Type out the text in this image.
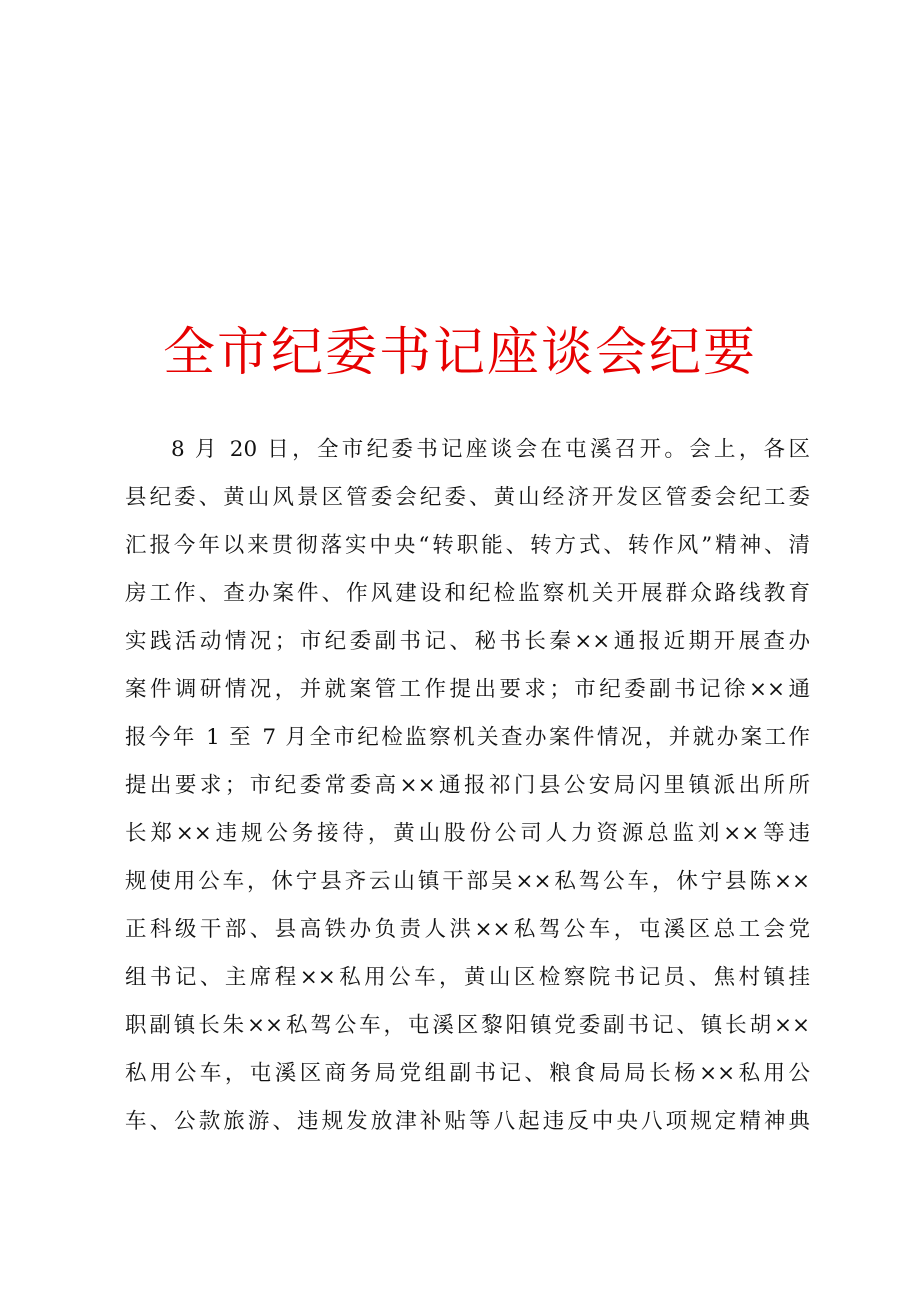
全市纪委书记座谈会纪要
8 月 20 日，全市纪委书记座谈会在屯溪召开。会上，各区
县纪委、黄山风景区管委会纪委、黄山经济开发区管委会纪工委
汇报今年以来贯彻落实中央“转职能、转方式、转作风”精神、清
房工作、查办案件、作风建设和纪检监察机关开展群众路线教育
实践活动情况；市纪委副书记、秘书长秦××通报近期开展查办
案件调研情况，并就案管工作提出要求；市纪委副书记徐××通
报今年 1 至 7 月全市纪检监察机关查办案件情况，并就办案工作
提出要求；市纪委常委高××通报祁门县公安局闪里镇派出所所
长郑××违规公务接待，黄山股份公司人力资源总监刘××等违
规使用公车，休宁县齐云山镇干部吴××私驾公车，休宁县陈××
正科级干部、县高铁办负责人洪××私驾公车，屯溪区总工会党
组书记、主席程××私用公车，黄山区检察院书记员、焦村镇挂
职副镇长朱××私驾公车，屯溪区黎阳镇党委副书记、镇长胡××
私用公车，屯溪区商务局党组副书记、粮食局局长杨××私用公
车、公款旅游、违规发放津补贴等八起违反中央八项规定精神典
